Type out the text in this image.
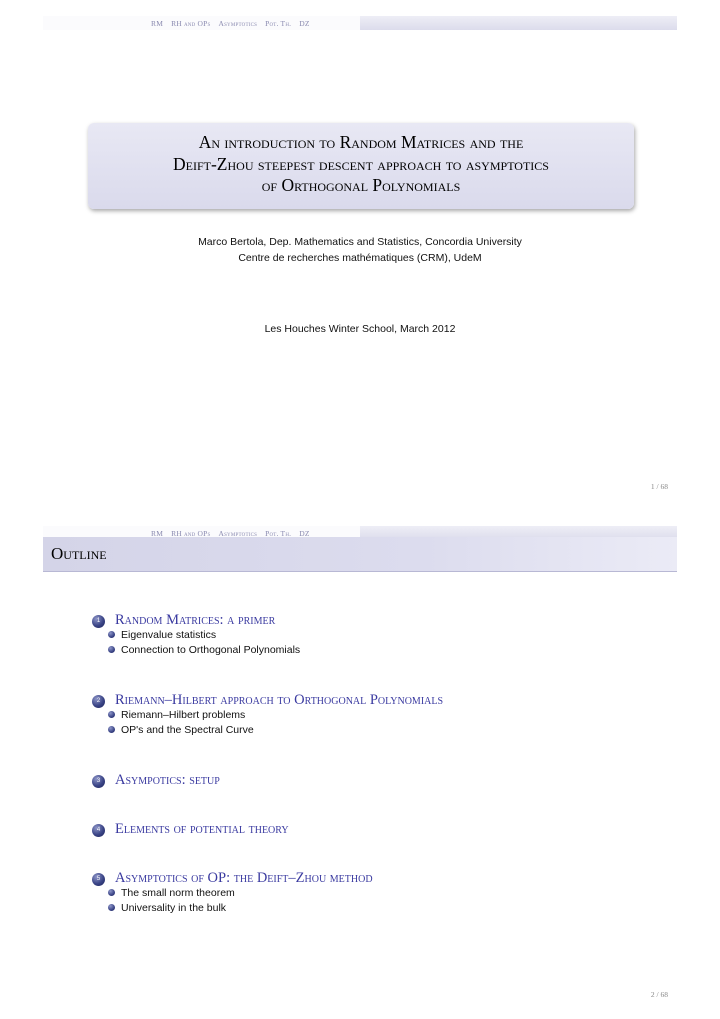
RM RH and OPs Asymptotics Pot. Th. DZ
An introduction to Random Matrices and the
Deift-Zhou steepest descent approach to asymptotics
of Orthogonal Polynomials
Marco Bertola, Dep. Mathematics and Statistics, Concordia University
Centre de recherches mathématiques (CRM), UdeM
Les Houches Winter School, March 2012
1 / 68
RM RH and OPs Asymptotics Pot. Th. DZ
Outline
1	Random Matrices: a primer
Eigenvalue statistics
Connection to Orthogonal Polynomials
2	Riemann–Hilbert approach to Orthogonal Polynomials
Riemann–Hilbert problems
OP's and the Spectral Curve
3	Asympotics: setup
4	Elements of potential theory
5	Asymptotics of OP: the Deift–Zhou method
The small norm theorem
Universality in the bulk
2 / 68
